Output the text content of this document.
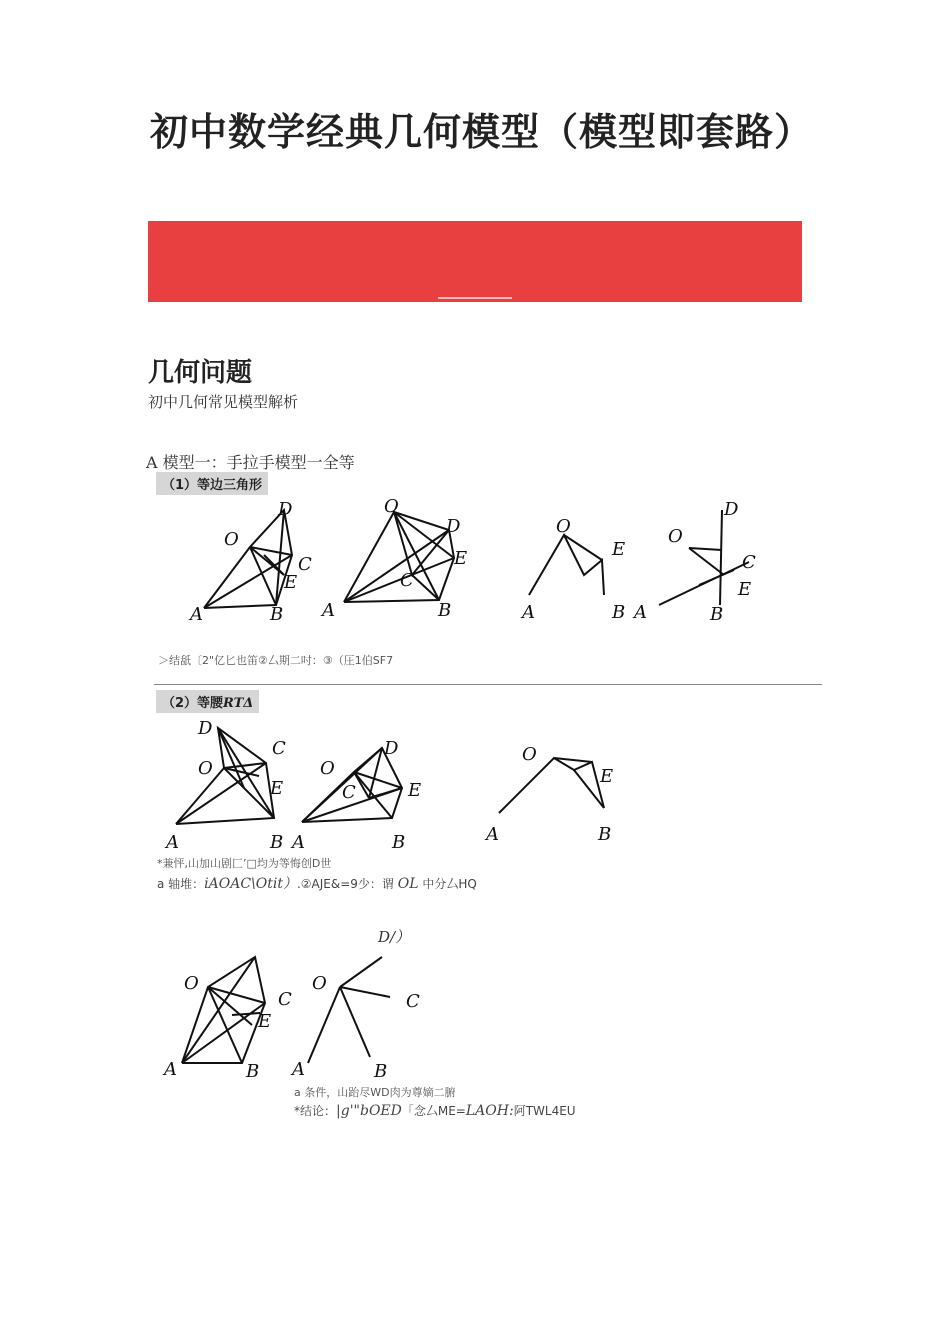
初中数学经典几何模型（模型即套路）
几何问题
初中几何常见模型解析
A 模型一：手拉手模型一全等
（1）等边三角形
A	B
C
D
E
O
A	B
C
D
E
O
A	B
E
O
A	B
C
D
E
O
＞结舐〔2"亿匕也笛②厶期二吋：③（圧1伯SF7
（2）等腰RTΔ
A	B
C
D
E
O
A	B
C
D
E
O
A	B
E
O
*兼怦,山加山剧匚’□均为等悔创D世
a 轴堆：iAOAC\Otit）.②AJE&=9少：谓 OL 中分厶HQ
D/）
A	B
C
E
O
A	B
C
O
a 条件，山跆尽WD肉为尊嫡二腑
*结论：|g'"bOED「念厶ME=LAOH:阿TWL4EU
